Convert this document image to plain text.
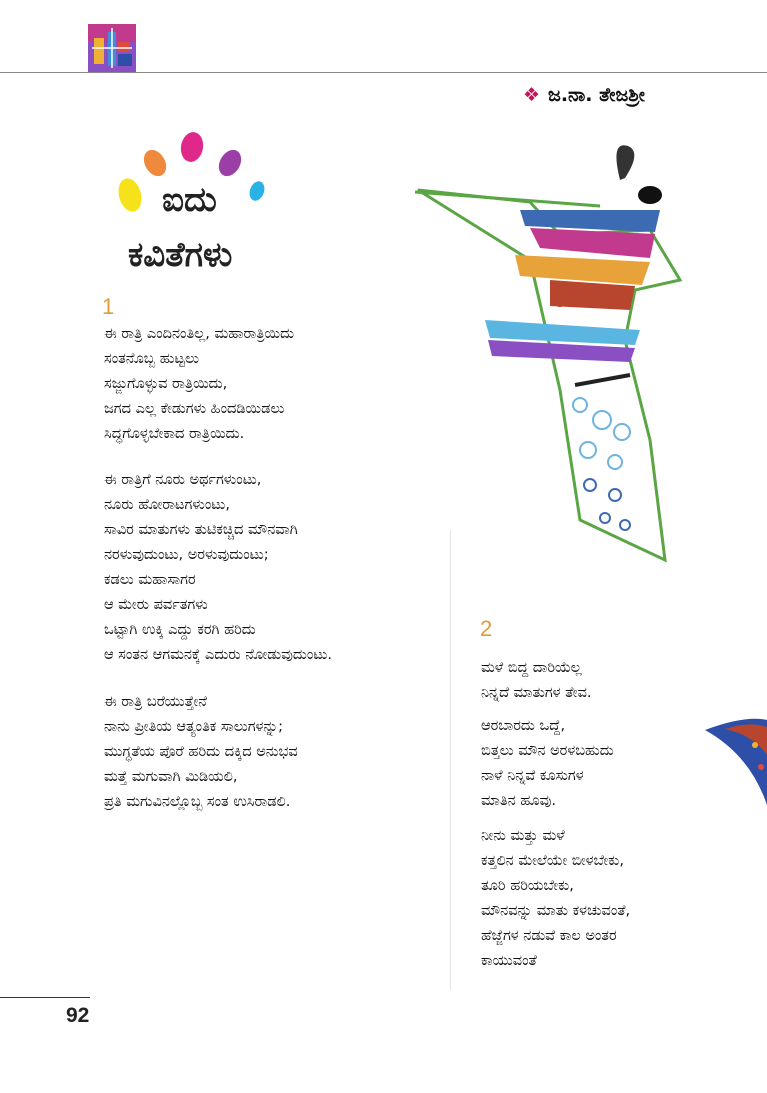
❖ ಜ.ನಾ. ತೇಜಶ್ರೀ
ಐದು
ಕವಿತೆಗಳು
1
ಈ ರಾತ್ರಿ ಎಂದಿನಂತಿಲ್ಲ, ಮಹಾರಾತ್ರಿಯಿದು
ಸಂತನೊಬ್ಬ ಹುಟ್ಟಲು
ಸಜ್ಜುಗೊಳ್ಳುವ ರಾತ್ರಿಯಿದು,
ಜಗದ ಎಲ್ಲ ಕೇಡುಗಳು ಹಿಂದಡಿಯಿಡಲು
ಸಿದ್ಧಗೊಳ್ಳಬೇಕಾದ ರಾತ್ರಿಯಿದು.
ಈ ರಾತ್ರಿಗೆ ನೂರು ಅರ್ಥಗಳುಂಟು,
ನೂರು ಹೋರಾಟಗಳುಂಟು,
ಸಾವಿರ ಮಾತುಗಳು ತುಟಿಕಚ್ಚಿದ ಮೌನವಾಗಿ
ನರಳುವುದುಂಟು, ಅರಳುವುದುಂಟು;
ಕಡಲು ಮಹಾಸಾಗರ
ಆ ಮೇರು ಪರ್ವತಗಳು
ಒಟ್ಟಾಗಿ ಉಕ್ಕಿ ಎದ್ದು ಕರಗಿ ಹರಿದು
ಆ ಸಂತನ ಆಗಮನಕ್ಕೆ ಎದುರು ನೋಡುವುದುಂಟು.
ಈ ರಾತ್ರಿ ಬರೆಯುತ್ತೇನೆ
ನಾನು ಪ್ರೀತಿಯ ಆತ್ಯಂತಿಕ ಸಾಲುಗಳನ್ನು;
ಮುಗ್ಧತೆಯ ಪೊರೆ ಹರಿದು ದಕ್ಕಿದ ಅನುಭವ
ಮತ್ತೆ ಮಗುವಾಗಿ ಮಿಡಿಯಲಿ,
ಪ್ರತಿ ಮಗುವಿನಲ್ಲೊಬ್ಬ ಸಂತ ಉಸಿರಾಡಲಿ.
2
ಮಳೆ ಬಿದ್ದ ದಾರಿಯೆಲ್ಲ
ನಿನ್ನದೆ ಮಾತುಗಳ ತೇವ.
ಆರಬಾರದು ಒದ್ದೆ,
ಬಿತ್ತಲು ಮೌನ ಅರಳಬಹುದು
ನಾಳೆ ನಿನ್ನವೆ ಕೂಸುಗಳ
ಮಾತಿನ ಹೂವು.
ನೀನು ಮತ್ತು ಮಳೆ
ಕತ್ತಲಿನ ಮೇಲೆಯೇ ಬೀಳಬೇಕು,
ತೂರಿ ಹರಿಯಬೇಕು,
ಮೌನವನ್ನು ಮಾತು ಕಳಚುವಂತೆ,
ಹೆಜ್ಜೆಗಳ ನಡುವೆ ಕಾಲ ಅಂತರ
ಕಾಯುವಂತೆ
92
